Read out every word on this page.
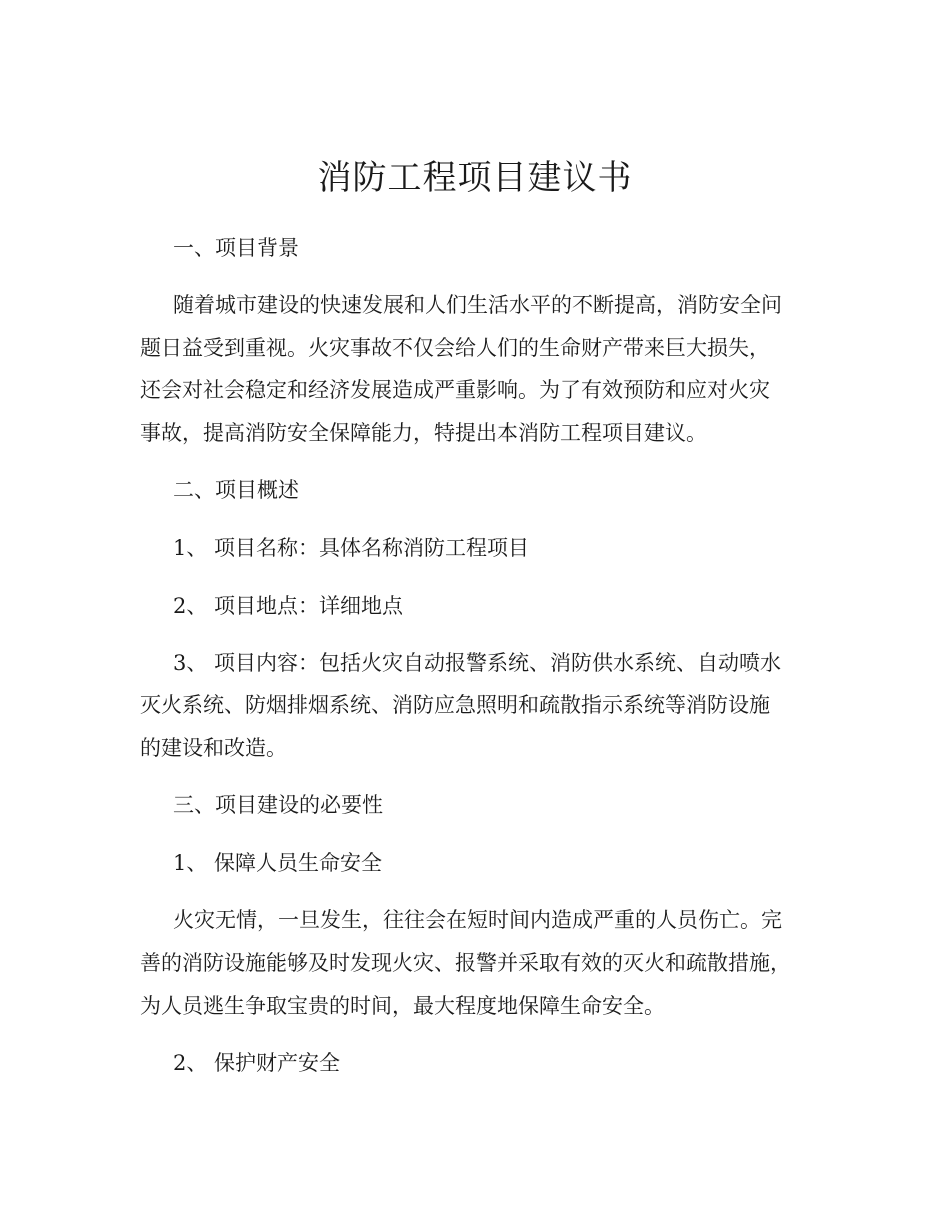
消防工程项目建议书
一、项目背景
随着城市建设的快速发展和人们生活水平的不断提高，消防安全问
题日益受到重视。火灾事故不仅会给人们的生命财产带来巨大损失，
还会对社会稳定和经济发展造成严重影响。为了有效预防和应对火灾
事故，提高消防安全保障能力，特提出本消防工程项目建议。
二、项目概述
1、 项目名称：具体名称消防工程项目
2、 项目地点：详细地点
3、 项目内容：包括火灾自动报警系统、消防供水系统、自动喷水
灭火系统、防烟排烟系统、消防应急照明和疏散指示系统等消防设施
的建设和改造。
三、项目建设的必要性
1、 保障人员生命安全
火灾无情，一旦发生，往往会在短时间内造成严重的人员伤亡。完
善的消防设施能够及时发现火灾、报警并采取有效的灭火和疏散措施，
为人员逃生争取宝贵的时间，最大程度地保障生命安全。
2、 保护财产安全
